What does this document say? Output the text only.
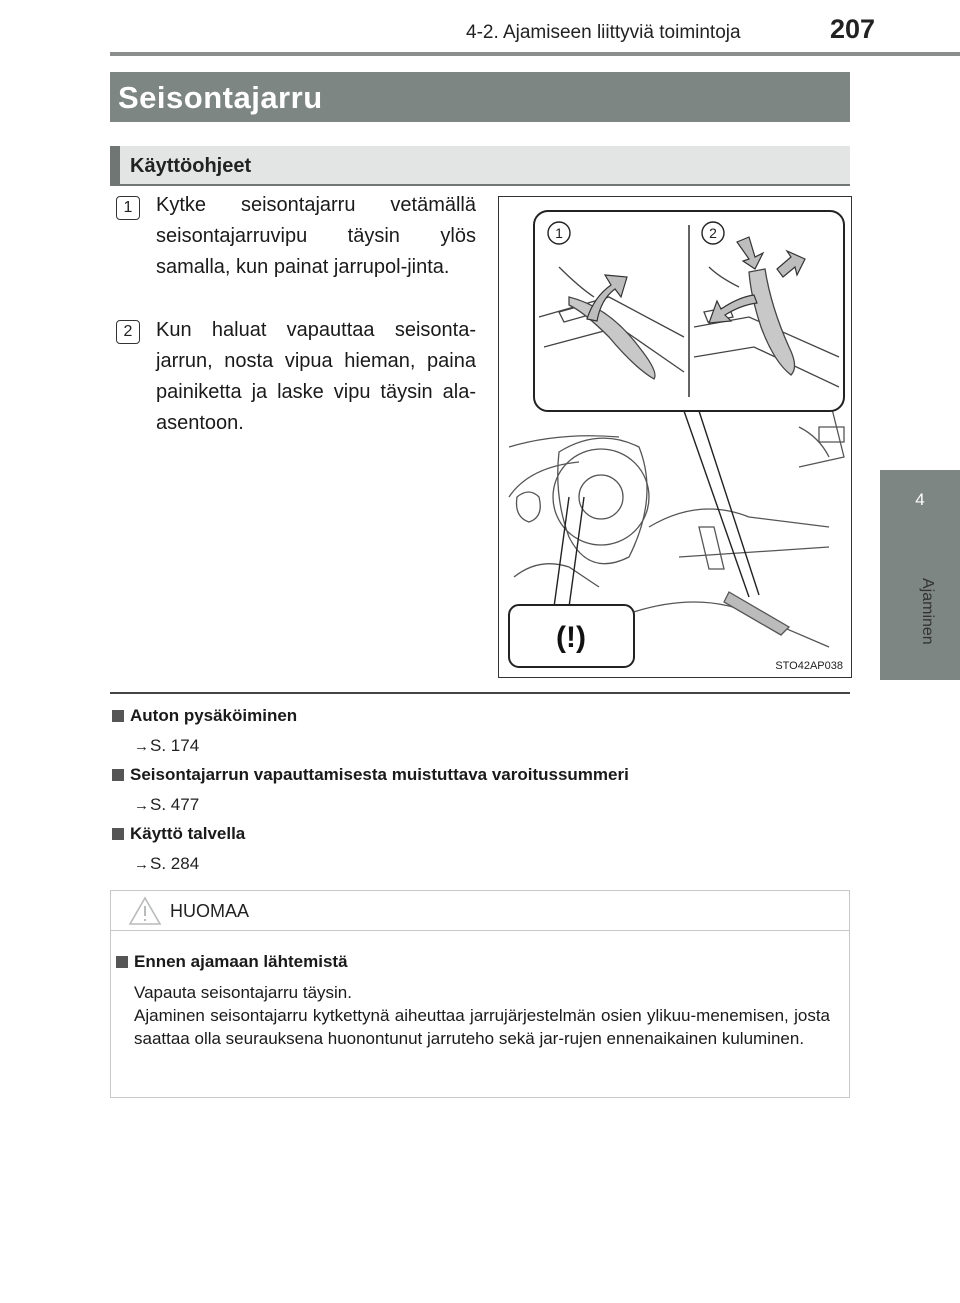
4-2. Ajamiseen liittyviä toimintoja	207
4
Ajaminen
Seisontajarru
Käyttöohjeet
1	Kytke seisontajarru vetämällä seisontajarruvipu täysin ylös samalla, kun painat jarrupol-jinta.
2	Kun haluat vapauttaa seisonta-jarrun, nosta vipua hieman, paina painiketta ja laske vipu täysin ala-asentoon.
1	2
(!)
STO42AP038
Auton pysäköiminen
→S. 174
Seisontajarrun vapauttamisesta muistuttava varoitussummeri
→S. 477
Käyttö talvella
→S. 284
HUOMAA
Ennen ajamaan lähtemistä

Vapauta seisontajarru täysin.

Ajaminen seisontajarru kytkettynä aiheuttaa jarrujärjestelmän osien ylikuu-menemisen, josta saattaa olla seurauksena huonontunut jarruteho sekä jar-rujen ennenaikainen kuluminen.
